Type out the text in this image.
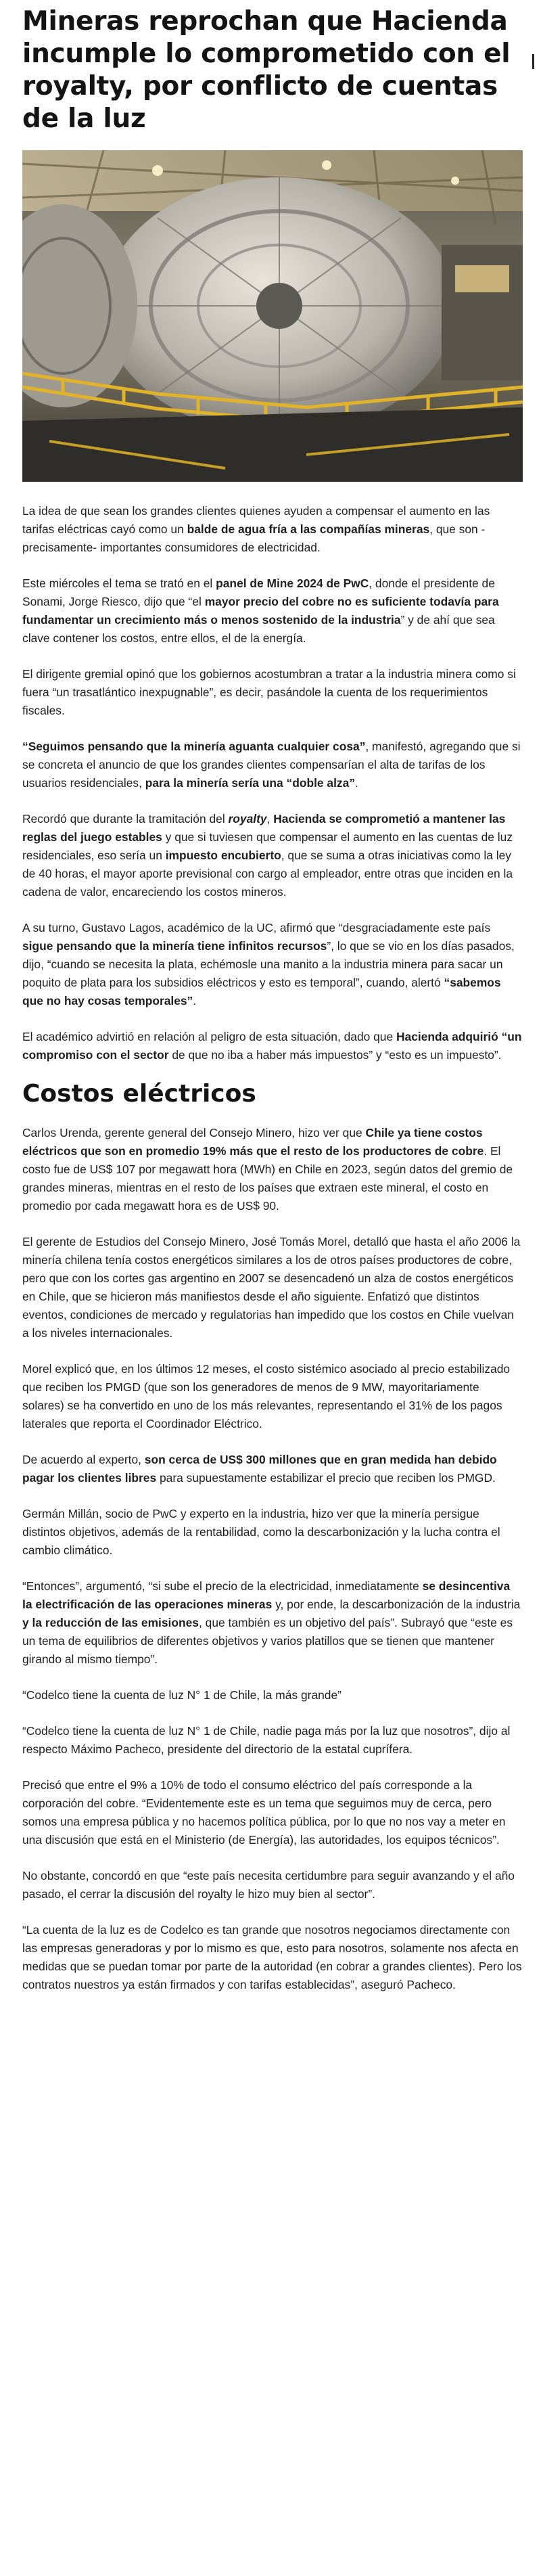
Mineras reprochan que Hacienda incumple lo comprometido con el royalty, por conflicto de cuentas de la luz

La idea de que sean los grandes clientes quienes ayuden a compensar el aumento en las tarifas eléctricas cayó como un balde de agua fría a las compañías mineras, que son -precisamente- importantes consumidores de electricidad.

Este miércoles el tema se trató en el panel de Mine 2024 de PwC, donde el presidente de Sonami, Jorge Riesco, dijo que “el mayor precio del cobre no es suficiente todavía para fundamentar un crecimiento más o menos sostenido de la industria” y de ahí que sea clave contener los costos, entre ellos, el de la energía.

El dirigente gremial opinó que los gobiernos acostumbran a tratar a la industria minera como si fuera “un trasatlántico inexpugnable”, es decir, pasándole la cuenta de los requerimientos fiscales.

“Seguimos pensando que la minería aguanta cualquier cosa”, manifestó, agregando que si se concreta el anuncio de que los grandes clientes compensarían el alta de tarifas de los usuarios residenciales, para la minería sería una “doble alza”.

Recordó que durante la tramitación del royalty, Hacienda se comprometió a mantener las reglas del juego estables y que si tuviesen que compensar el aumento en las cuentas de luz residenciales, eso sería un impuesto encubierto, que se suma a otras iniciativas como la ley de 40 horas, el mayor aporte previsional con cargo al empleador, entre otras que inciden en la cadena de valor, encareciendo los costos mineros.

A su turno, Gustavo Lagos, académico de la UC, afirmó que “desgraciadamente este país sigue pensando que la minería tiene infinitos recursos”, lo que se vio en los días pasados, dijo, “cuando se necesita la plata, echémosle una manito a la industria minera para sacar un poquito de plata para los subsidios eléctricos y esto es temporal”, cuando, alertó “sabemos que no hay cosas temporales”.

El académico advirtió en relación al peligro de esta situación, dado que Hacienda adquirió “un compromiso con el sector de que no iba a haber más impuestos” y “esto es un impuesto”.

Costos eléctricos

Carlos Urenda, gerente general del Consejo Minero, hizo ver que Chile ya tiene costos eléctricos que son en promedio 19% más que el resto de los productores de cobre. El costo fue de US$ 107 por megawatt hora (MWh) en Chile en 2023, según datos del gremio de grandes mineras, mientras en el resto de los países que extraen este mineral, el costo en promedio por cada megawatt hora es de US$ 90.

El gerente de Estudios del Consejo Minero, José Tomás Morel, detalló que hasta el año 2006 la minería chilena tenía costos energéticos similares a los de otros países productores de cobre, pero que con los cortes gas argentino en 2007 se desencadenó un alza de costos energéticos en Chile, que se hicieron más manifiestos desde el año siguiente. Enfatizó que distintos eventos, condiciones de mercado y regulatorias han impedido que los costos en Chile vuelvan a los niveles internacionales.

Morel explicó que, en los últimos 12 meses, el costo sistémico asociado al precio estabilizado que reciben los PMGD (que son los generadores de menos de 9 MW, mayoritariamente solares) se ha convertido en uno de los más relevantes, representando el 31% de los pagos laterales que reporta el Coordinador Eléctrico.

De acuerdo al experto, son cerca de US$ 300 millones que en gran medida han debido pagar los clientes libres para supuestamente estabilizar el precio que reciben los PMGD.

Germán Millán, socio de PwC y experto en la industria, hizo ver que la minería persigue distintos objetivos, además de la rentabilidad, como la descarbonización y la lucha contra el cambio climático.

“Entonces”, argumentó, “si sube el precio de la electricidad, inmediatamente se desincentiva la electrificación de las operaciones mineras y, por ende, la descarbonización de la industria y la reducción de las emisiones, que también es un objetivo del país”. Subrayó que “este es un tema de equilibrios de diferentes objetivos y varios platillos que se tienen que mantener girando al mismo tiempo”.

“Codelco tiene la cuenta de luz N° 1 de Chile, la más grande”

“Codelco tiene la cuenta de luz N° 1 de Chile, nadie paga más por la luz que nosotros”, dijo al respecto Máximo Pacheco, presidente del directorio de la estatal cuprífera.

Precisó que entre el 9% a 10% de todo el consumo eléctrico del país corresponde a la corporación del cobre. “Evidentemente este es un tema que seguimos muy de cerca, pero somos una empresa pública y no hacemos política pública, por lo que no nos vay a meter en una discusión que está en el Ministerio (de Energía), las autoridades, los equipos técnicos”.

No obstante, concordó en que “este país necesita certidumbre para seguir avanzando y el año pasado, el cerrar la discusión del royalty le hizo muy bien al sector”.

“La cuenta de la luz es de Codelco es tan grande que nosotros negociamos directamente con las empresas generadoras y por lo mismo es que, esto para nosotros, solamente nos afecta en medidas que se puedan tomar por parte de la autoridad (en cobrar a grandes clientes). Pero los contratos nuestros ya están firmados y con tarifas establecidas”, aseguró Pacheco.
